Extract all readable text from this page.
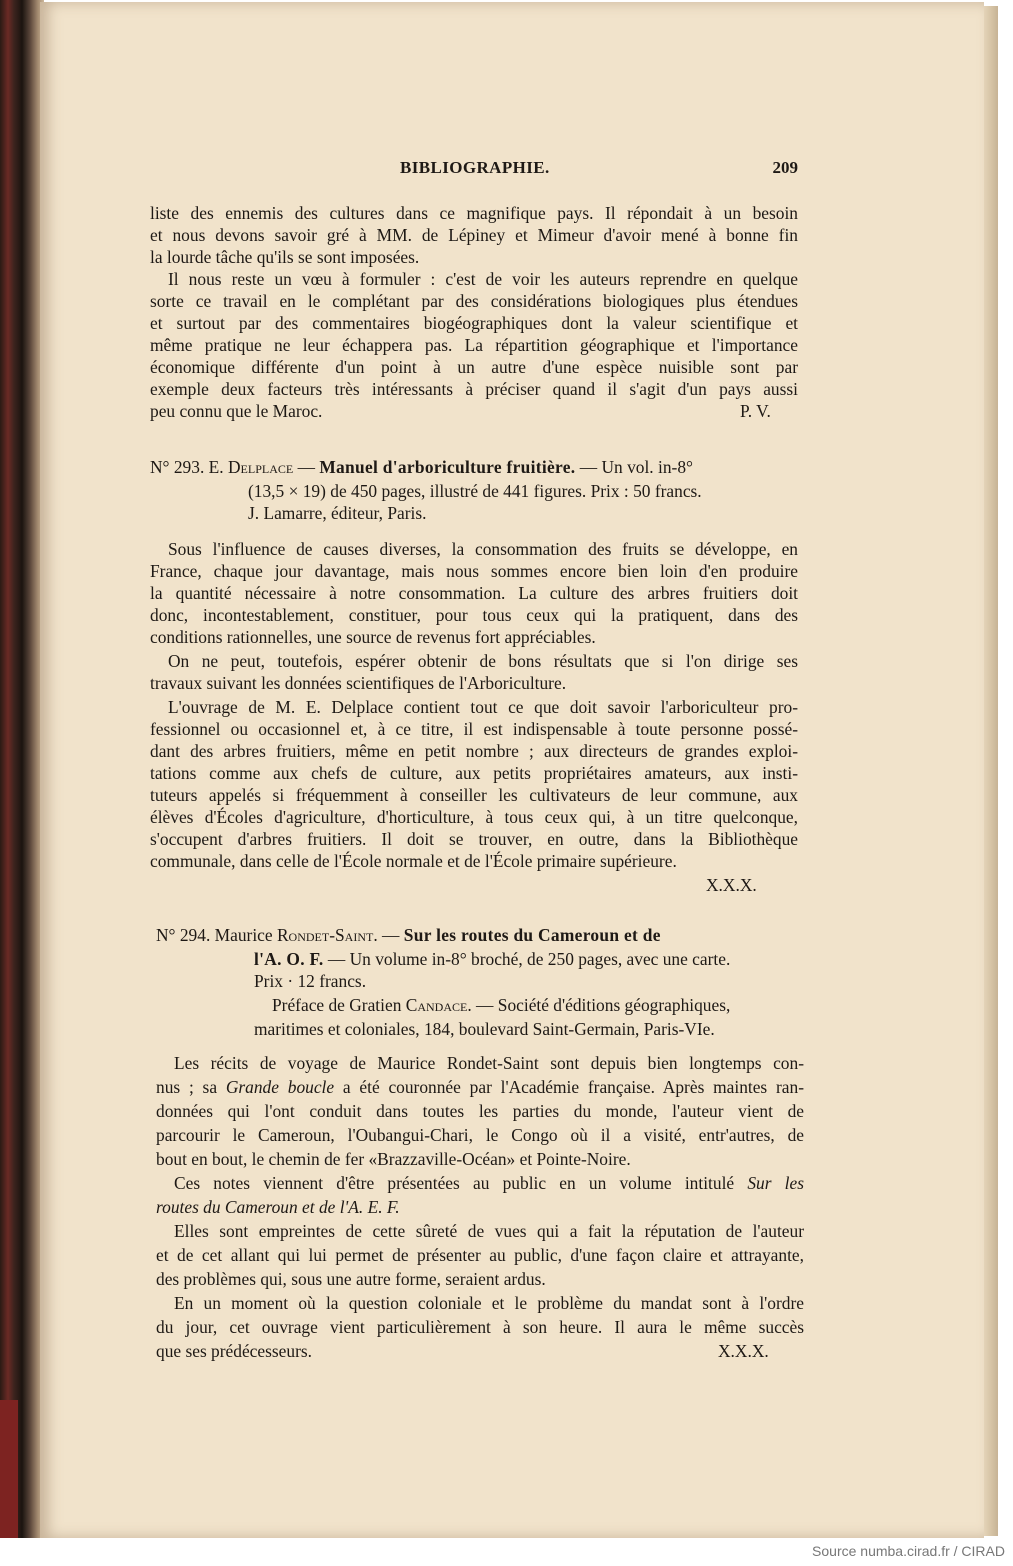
BIBLIOGRAPHIE.	209
liste des ennemis des cultures dans ce magnifique pays. Il répondait à un besoin
et nous devons savoir gré à MM. de Lépiney et Mimeur d'avoir mené à bonne fin
la lourde tâche qu'ils se sont imposées.
Il nous reste un vœu à formuler : c'est de voir les auteurs reprendre en quelque
sorte ce travail en le complétant par des considérations biologiques plus étendues
et surtout par des commentaires biogéographiques dont la valeur scientifique et
même pratique ne leur échappera pas. La répartition géographique et l'importance
économique différente d'un point à un autre d'une espèce nuisible sont par
exemple deux facteurs très intéressants à préciser quand il s'agit d'un pays aussi
peu connu que le Maroc.	P. V.
N° 293. E. Delplace — Manuel d'arboriculture fruitière. — Un vol. in-8°
(13,5 × 19) de 450 pages, illustré de 441 figures. Prix : 50 francs.
J. Lamarre, éditeur, Paris.
Sous l'influence de causes diverses, la consommation des fruits se développe, en
France, chaque jour davantage, mais nous sommes encore bien loin d'en produire
la quantité nécessaire à notre consommation. La culture des arbres fruitiers doit
donc, incontestablement, constituer, pour tous ceux qui la pratiquent, dans des
conditions rationnelles, une source de revenus fort appréciables.
On ne peut, toutefois, espérer obtenir de bons résultats que si l'on dirige ses
travaux suivant les données scientifiques de l'Arboriculture.
L'ouvrage de M. E. Delplace contient tout ce que doit savoir l'arboriculteur pro-
fessionnel ou occasionnel et, à ce titre, il est indispensable à toute personne possé-
dant des arbres fruitiers, même en petit nombre ; aux directeurs de grandes exploi-
tations comme aux chefs de culture, aux petits propriétaires amateurs, aux insti-
tuteurs appelés si fréquemment à conseiller les cultivateurs de leur commune, aux
élèves d'Écoles d'agriculture, d'horticulture, à tous ceux qui, à un titre quelconque,
s'occupent d'arbres fruitiers. Il doit se trouver, en outre, dans la Bibliothèque
communale, dans celle de l'École normale et de l'École primaire supérieure.
X.X.X.
N° 294. Maurice Rondet-Saint. — Sur les routes du Cameroun et de
l'A. O. F. — Un volume in-8° broché, de 250 pages, avec une carte.
Prix · 12 francs.
Préface de Gratien Candace. — Société d'éditions géographiques,
maritimes et coloniales, 184, boulevard Saint-Germain, Paris-VIe.
Les récits de voyage de Maurice Rondet-Saint sont depuis bien longtemps con-
nus ; sa Grande boucle a été couronnée par l'Académie française. Après maintes ran-
données qui l'ont conduit dans toutes les parties du monde, l'auteur vient de
parcourir le Cameroun, l'Oubangui-Chari, le Congo où il a visité, entr'autres, de
bout en bout, le chemin de fer «Brazzaville-Océan» et Pointe-Noire.
Ces notes viennent d'être présentées au public en un volume intitulé Sur les
routes du Cameroun et de l'A. E. F.
Elles sont empreintes de cette sûreté de vues qui a fait la réputation de l'auteur
et de cet allant qui lui permet de présenter au public, d'une façon claire et attrayante,
des problèmes qui, sous une autre forme, seraient ardus.
En un moment où la question coloniale et le problème du mandat sont à l'ordre
du jour, cet ouvrage vient particulièrement à son heure. Il aura le même succès
que ses prédécesseurs.	X.X.X.
Source numba.cirad.fr / CIRAD
